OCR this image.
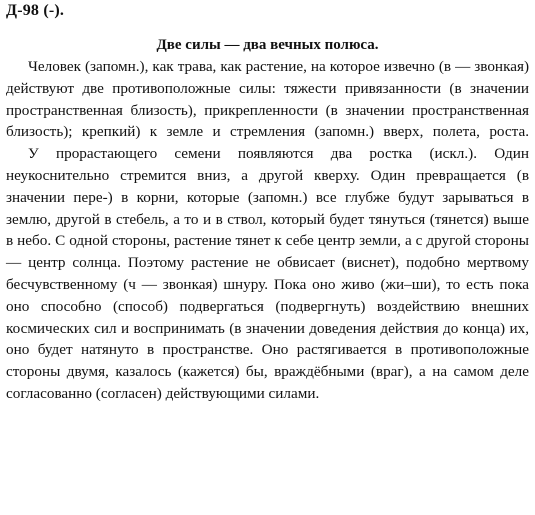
Д-98 (-).
Две силы — два вечных полюса.

Человек (запомн.), как трава, как растение, на которое извечно (в — звонкая) действуют две противоположные силы: тяжести привязанности (в значении пространственная близость), прикрепленности (в значении пространственная близость); крепкий) к земле и стремления (запомн.) вверх, полета, роста.

У прорастающего семени появляются два ростка (искл.). Один неукоснительно стремится вниз, а другой кверху. Один превращается (в значении пере-) в корни, которые (запомн.) все глубже будут зарываться в землю, другой в стебель, а то и в ствол, который будет тянуться (тянется) выше в небо. С одной стороны, растение тянет к себе центр земли, а с другой стороны — центр солнца. Поэтому растение не обвисает (виснет), подобно мертвому бесчувственному (ч — звонкая) шнуру. Пока оно живо (жи–ши), то есть пока оно способно (способ) подвергаться (подвергнуть) воздействию внешних космических сил и воспринимать (в значении доведения действия до конца) их, оно будет натянуто в пространстве. Оно растягивается в противоположные стороны двумя, казалось (кажется) бы, враждёбными (враг), а на самом деле согласованно (согласен) действующими силами.
